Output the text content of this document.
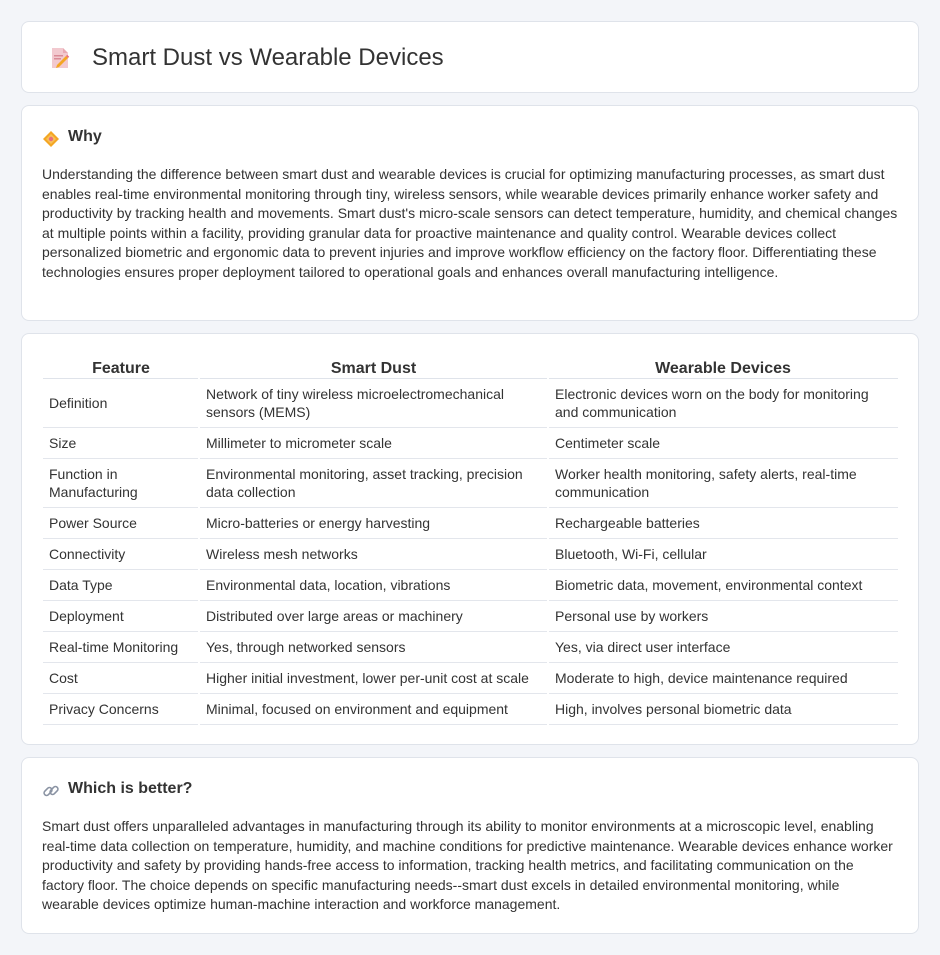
Smart Dust vs Wearable Devices
Why

Understanding the difference between smart dust and wearable devices is crucial for optimizing manufacturing processes, as smart dust enables real-time environmental monitoring through tiny, wireless sensors, while wearable devices primarily enhance worker safety and productivity by tracking health and movements. Smart dust's micro-scale sensors can detect temperature, humidity, and chemical changes at multiple points within a facility, providing granular data for proactive maintenance and quality control. Wearable devices collect personalized biometric and ergonomic data to prevent injuries and improve workflow efficiency on the factory floor. Differentiating these technologies ensures proper deployment tailored to operational goals and enhances overall manufacturing intelligence.

Feature	Smart Dust	Wearable Devices
Definition	Network of tiny wireless microelectromechanical sensors (MEMS)	Electronic devices worn on the body for monitoring and communication
Size	Millimeter to micrometer scale	Centimeter scale
Function in Manufacturing	Environmental monitoring, asset tracking, precision data collection	Worker health monitoring, safety alerts, real-time communication
Power Source	Micro-batteries or energy harvesting	Rechargeable batteries
Connectivity	Wireless mesh networks	Bluetooth, Wi-Fi, cellular
Data Type	Environmental data, location, vibrations	Biometric data, movement, environmental context
Deployment	Distributed over large areas or machinery	Personal use by workers
Real-time Monitoring	Yes, through networked sensors	Yes, via direct user interface
Cost	Higher initial investment, lower per-unit cost at scale	Moderate to high, device maintenance required
Privacy Concerns	Minimal, focused on environment and equipment	High, involves personal biometric data
Which is better?

Smart dust offers unparalleled advantages in manufacturing through its ability to monitor environments at a microscopic level, enabling real-time data collection on temperature, humidity, and machine conditions for predictive maintenance. Wearable devices enhance worker productivity and safety by providing hands-free access to information, tracking health metrics, and facilitating communication on the factory floor. The choice depends on specific manufacturing needs--smart dust excels in detailed environmental monitoring, while wearable devices optimize human-machine interaction and workforce management.
